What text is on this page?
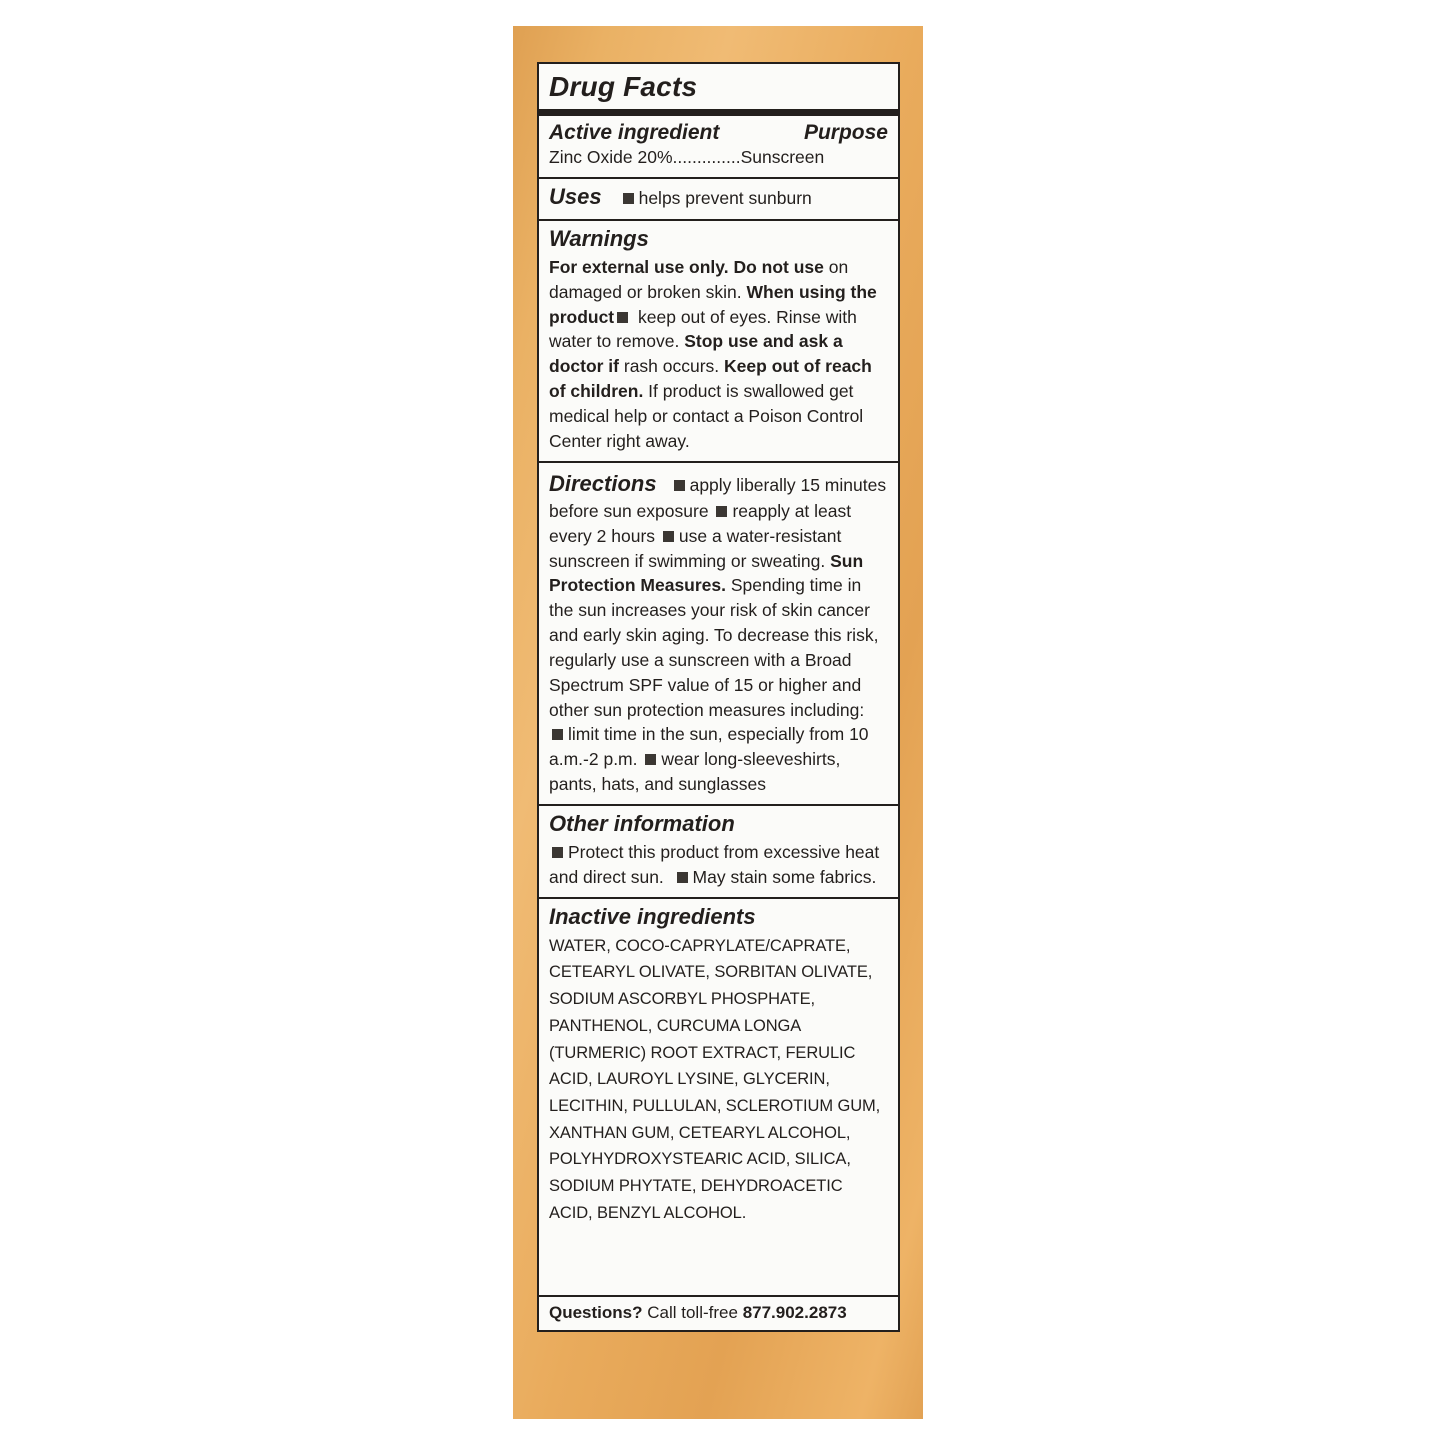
Drug Facts
Active ingredient	Purpose
Zinc Oxide 20%..............Sunscreen
Uses	helps prevent sunburn
Warnings
For external use only. Do not use on damaged or broken skin. When using the product keep out of eyes. Rinse with water to remove. Stop use and ask a doctor if rash occurs. Keep out of reach of children. If product is swallowed get medical help or contact a Poison Control Center right away.
Directions apply liberally 15 minutes before sun exposure reapply at least every 2 hours use a water-resistant sunscreen if swimming or sweating. Sun Protection Measures. Spending time in the sun increases your risk of skin cancer and early skin aging. To decrease this risk, regularly use a sunscreen with a Broad Spectrum SPF value of 15 or higher and other sun protection measures including: limit time in the sun, especially from 10 a.m.-2 p.m. wear long-sleeveshirts, pants, hats, and sunglasses
Other information
Protect this product from excessive heat and direct sun. May stain some fabrics.
Inactive ingredients
WATER, COCO-CAPRYLATE/CAPRATE, CETEARYL OLIVATE, SORBITAN OLIVATE, SODIUM ASCORBYL PHOSPHATE, PANTHENOL, CURCUMA LONGA (TURMERIC) ROOT EXTRACT, FERULIC ACID, LAUROYL LYSINE, GLYCERIN, LECITHIN, PULLULAN, SCLEROTIUM GUM, XANTHAN GUM, CETEARYL ALCOHOL, POLYHYDROXYSTEARIC ACID, SILICA, SODIUM PHYTATE, DEHYDROACETIC ACID, BENZYL ALCOHOL.
Questions? Call toll-free 877.902.2873
